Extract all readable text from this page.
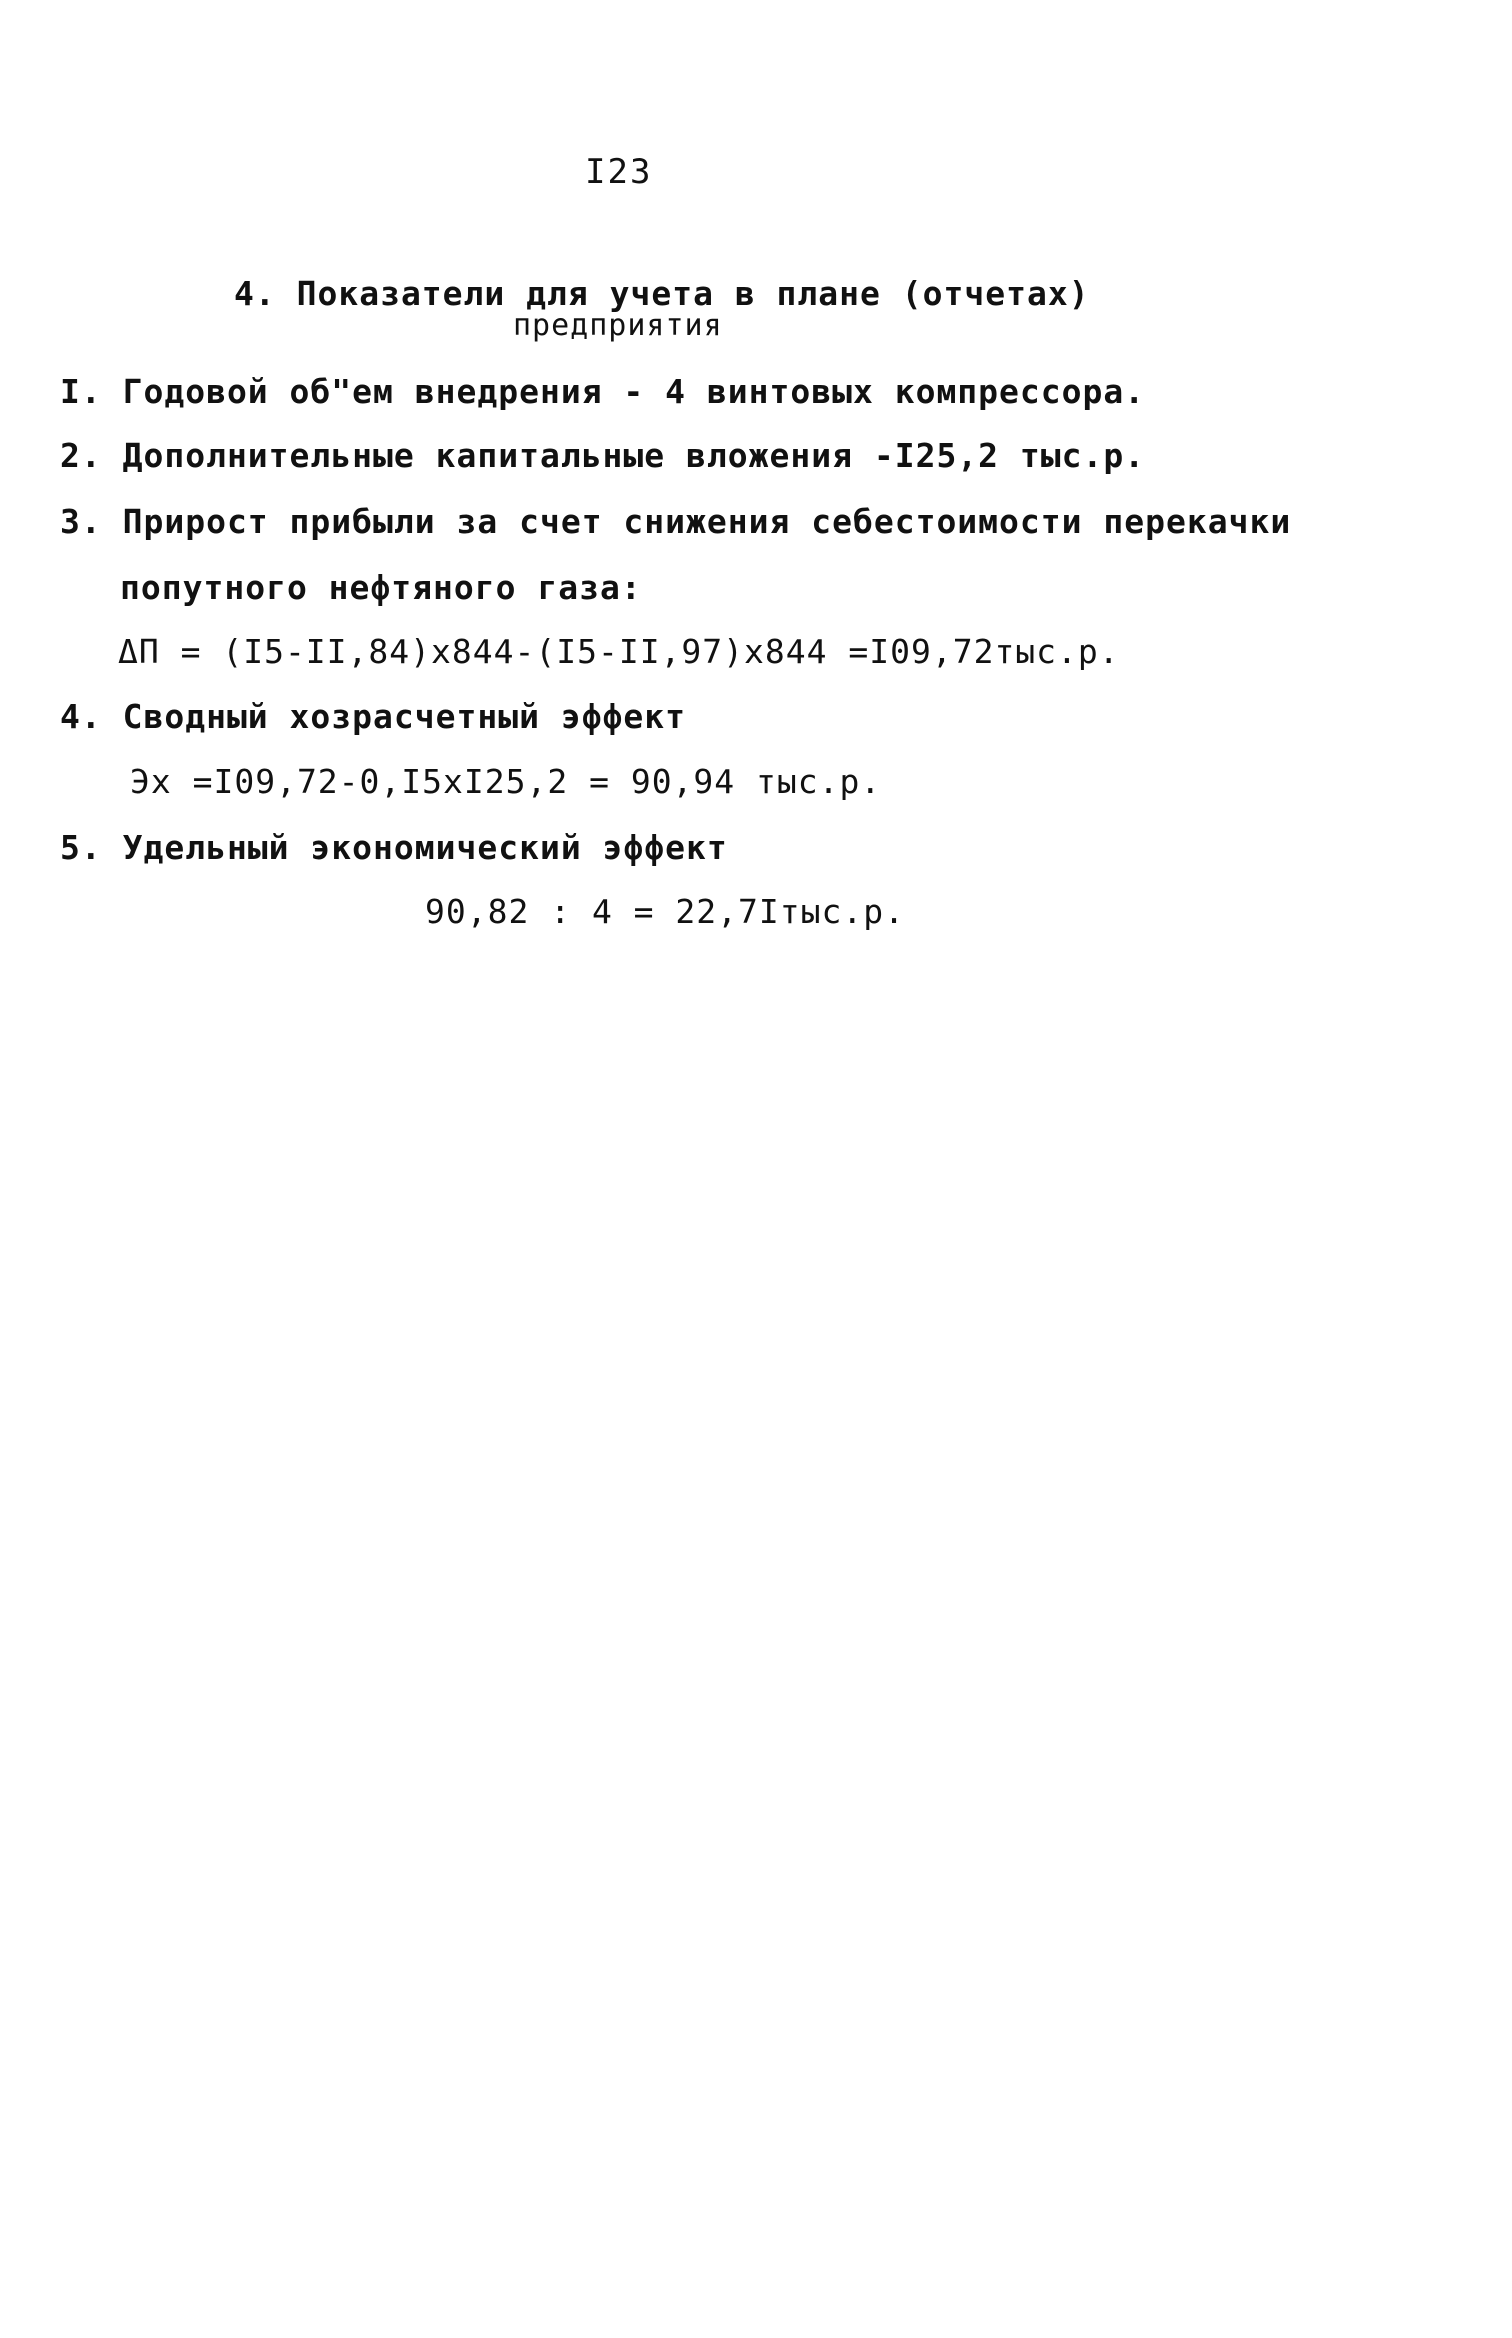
I23
4. Показатели для учета в плане (отчетах)
предприятия
I. Годовой об"ем внедрения - 4 винтовых компрессора.
2. Дополнительные капитальные вложения -I25,2 тыс.р.
3. Прирост прибыли за счет снижения себестоимости перекачки
попутного нефтяного газа:
ΔП = (I5-II,84)x844-(I5-II,97)x844 =I09,72тыс.р.
4. Сводный хозрасчетный эффект
Эх =I09,72-0,I5xI25,2 = 90,94 тыс.р.
5. Удельный экономический эффект
90,82 : 4 = 22,7Iтыс.р.
